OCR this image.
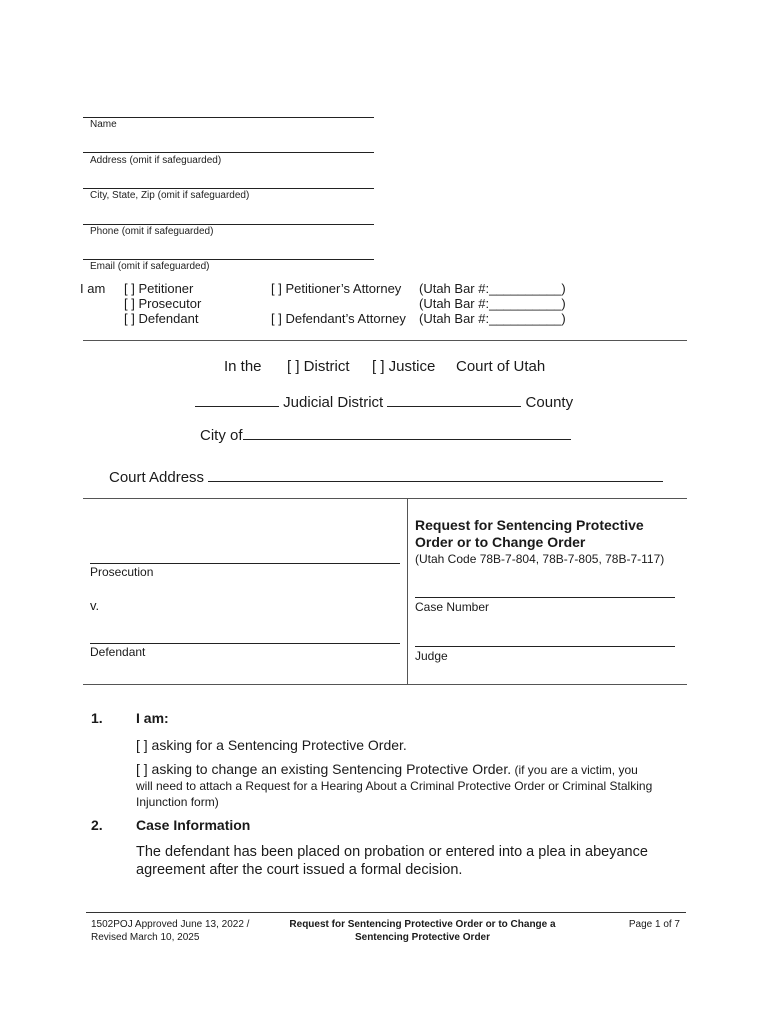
Name
Address (omit if safeguarded)
City, State, Zip (omit if safeguarded)
Phone (omit if safeguarded)
Email (omit if safeguarded)
I am [ ] Petitioner
[ ] Prosecutor
[ ] Defendant
[ ] Petitioner’s Attorney
[ ] Defendant’s Attorney
(Utah Bar #:__________)
(Utah Bar #:__________)
(Utah Bar #:__________)
In the [ ] District [ ] Justice Court of Utah
Judicial District	County
City of
Court Address
Prosecution
v.
Defendant
Request for Sentencing Protective
Order or to Change Order
(Utah Code 78B-7-804, 78B-7-805, 78B-7-117)
Case Number
Judge
1. I am:
[ ] asking for a Sentencing Protective Order.
[ ] asking to change an existing Sentencing Protective Order. (if you are a victim, you
will need to attach a Request for a Hearing About a Criminal Protective Order or Criminal Stalking
Injunction form)
2. Case Information
The defendant has been placed on probation or entered into a plea in abeyance
agreement after the court issued a formal decision.
1502POJ Approved June 13, 2022 /
Revised March 10, 2025
Request for Sentencing Protective Order or to Change a
Sentencing Protective Order
Page 1 of 7
